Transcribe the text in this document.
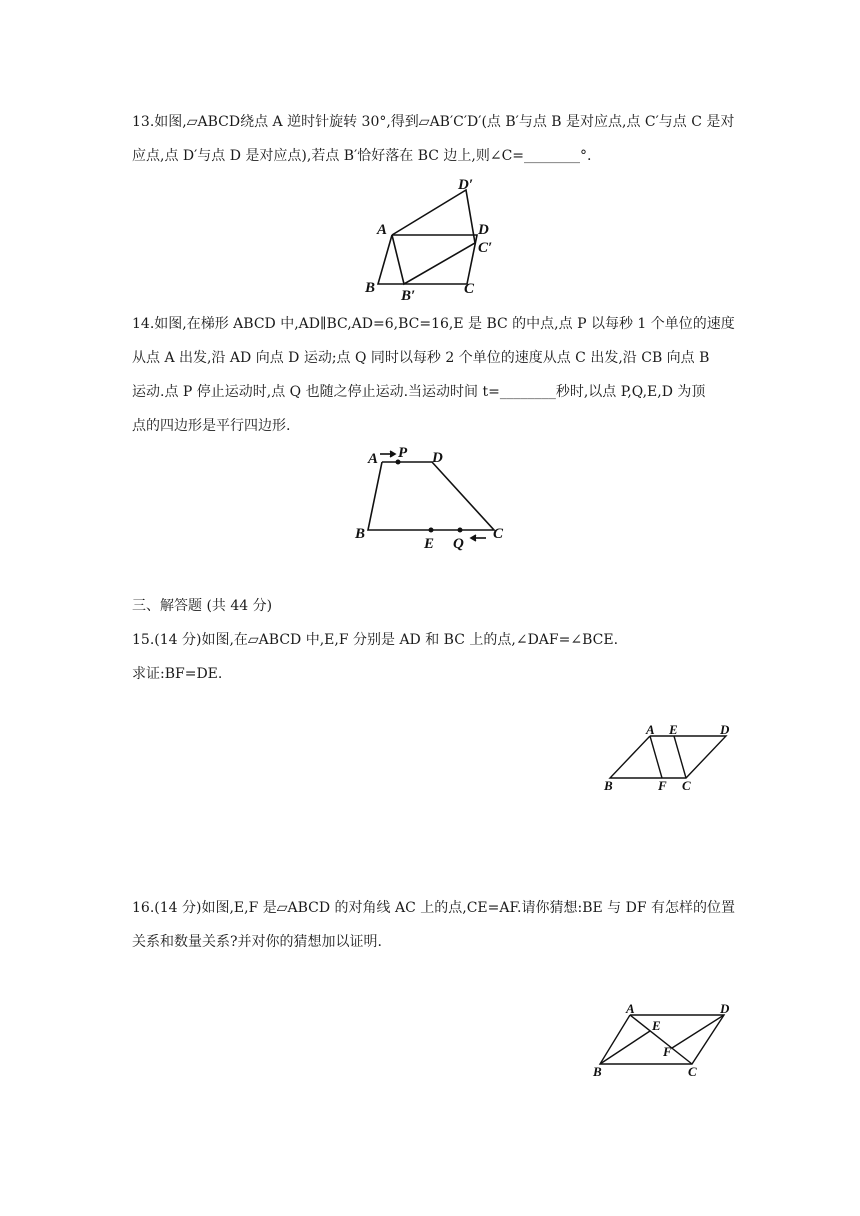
13.如图,▱ABCD绕点 A 逆时针旋转 30°,得到▱AB′C′D′(点 B′与点 B 是对应点,点 C′与点 C 是对
应点,点 D′与点 D 是对应点),若点 B′恰好落在 BC 边上,则∠C=________°.
D′
A	D
C′
B B′	C
14.如图,在梯形 ABCD 中,AD∥BC,AD=6,BC=16,E 是 BC 的中点,点 P 以每秒 1 个单位的速度
从点 A 出发,沿 AD 向点 D 运动;点 Q 同时以每秒 2 个单位的速度从点 C 出发,沿 CB 向点 B
运动.点 P 停止运动时,点 Q 也随之停止运动.当运动时间 t=________秒时,以点 P,Q,E,D 为顶
点的四边形是平行四边形.
A P D
B
E Q
C
三、解答题 (共 44 分)
15.(14 分)如图,在▱ABCD 中,E,F 分别是 AD 和 BC 上的点,∠DAF=∠BCE.
求证:BF=DE.
A E	D
B	F C
16.(14 分)如图,E,F 是▱ABCD 的对角线 AC 上的点,CE=AF.请你猜想:BE 与 DF 有怎样的位置
关系和数量关系?并对你的猜想加以证明.
A	D
E
F
B	C
